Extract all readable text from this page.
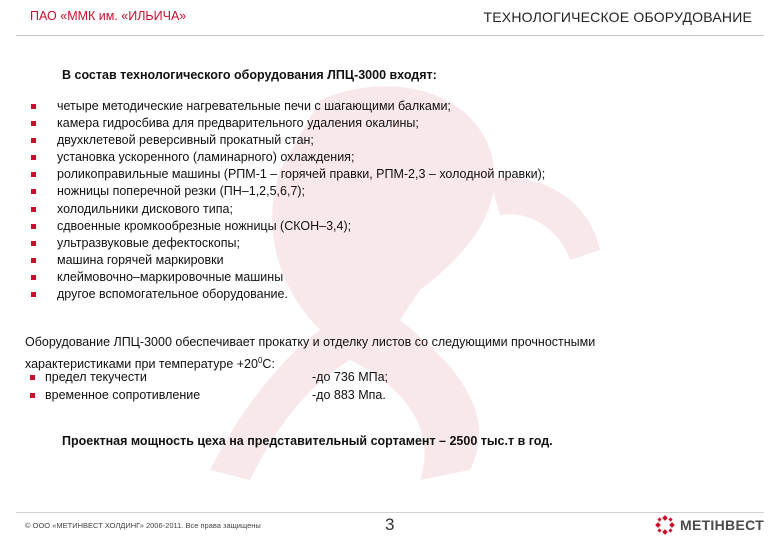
ПАО «ММК им. «ИЛЬИЧА»	ТЕХНОЛОГИЧЕСКОЕ ОБОРУДОВАНИЕ
В состав технологического оборудования ЛПЦ-3000 входят:
четыре методические нагревательные печи с шагающими балками;
камера гидросбива для предварительного удаления окалины;
двухклетевой реверсивный прокатный стан;
установка ускоренного (ламинарного) охлаждения;
роликоправильные машины (РПМ-1 – горячей правки, РПМ-2,3 – холодной правки);
ножницы поперечной резки (ПН–1,2,5,6,7);
холодильники дискового типа;
сдвоенные кромкообрезные ножницы (СКОН–3,4);
ультразвуковые дефектоскопы;
машина горячей маркировки
клеймовочно–маркировочные машины
другое вспомогательное оборудование.
Оборудование ЛПЦ-3000 обеспечивает прокатку и отделку листов со следующими прочностными
характеристиками при температуре $+20^0С$:
предел текучести	-до 736 МПа;
временное сопротивление	-до 883 Мпа.
Проектная мощность цеха на представительный сортамент – 2500 тыс.т в год.
© ООО «МЕТИНВЕСТ ХОЛДИНГ» 2006-2011. Все права защищены	3	МЕТІНВЕСТ
